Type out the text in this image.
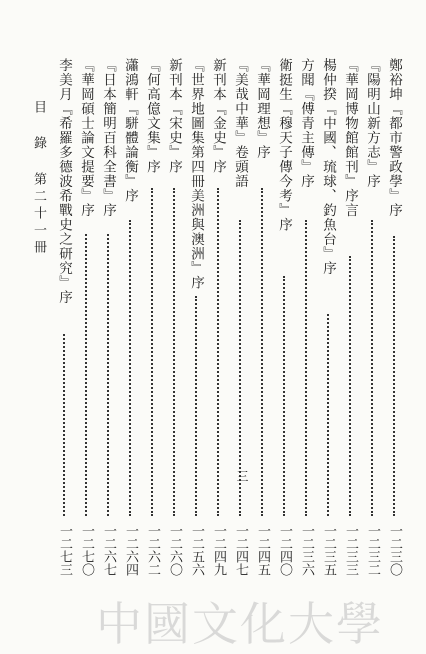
鄭裕坤『都市警政學』序
一二三〇
『陽明山新方志』序
一二三二
『華岡博物館館刊』序言
一二三三
楊仲揆『中國、琉球、釣魚台』序
一二三五
方聞『傅青主傳』序
一二三六
衛挺生『穆天子傳今考』序
一二四〇
『華岡理想』序
一二四五
『美哉中華』卷頭語
一二四七
新刊本『金史』序
一二四九
『世界地圖集第四冊美洲與澳洲』序
一二五六
新刊本『宋史』序
一二六〇
『何高億文集』序
一二六二
瀟鴻軒『駢體論衡』序
一二六四
『日本簡明百科全書』序
一二六七
『華岡碩士論文提要』序
一二七〇
李美月『希羅多德波希戰史之研究』序
一二七三
目 錄 第二十一冊
三
中國文化大學
